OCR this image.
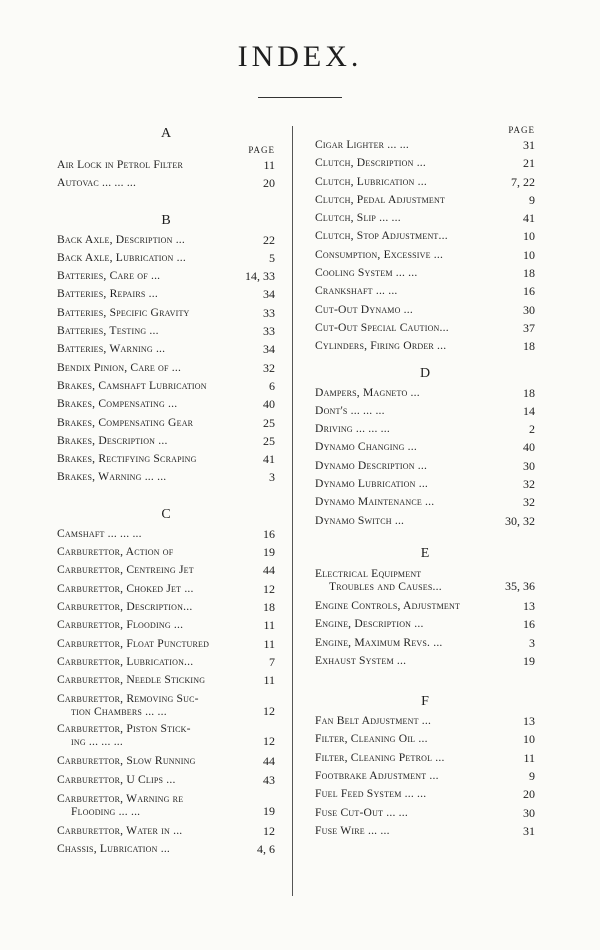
INDEX.
A
PAGE
Air Lock in Petrol Filter	11
Autovac ... ... ...	20
B
Back Axle, Description ...	22
Back Axle, Lubrication ...	5
Batteries, Care of ...	14, 33
Batteries, Repairs ...	34
Batteries, Specific Gravity	33
Batteries, Testing ...	33
Batteries, Warning ...	34
Bendix Pinion, Care of ...	32
Brakes, Camshaft Lubrication	6
Brakes, Compensating ...	40
Brakes, Compensating Gear	25
Brakes, Description ...	25
Brakes, Rectifying Scraping	41
Brakes, Warning ... ...	3
C
Camshaft ... ... ...	16
Carburettor, Action of	19
Carburettor, Centreing Jet	44
Carburettor, Choked Jet ...	12
Carburettor, Description...	18
Carburettor, Flooding ...	11
Carburettor, Float Punctured	11
Carburettor, Lubrication...	7
Carburettor, Needle Sticking	11
Carburettor, Removing Suc-
tion Chambers ... ...	12
Carburettor, Piston Stick-
ing ... ... ...	12
Carburettor, Slow Running	44
Carburettor, U Clips ...	43
Carburettor, Warning re
Flooding ... ...	19
Carburettor, Water in ...	12
Chassis, Lubrication ...	4, 6
PAGE
Cigar Lighter ... ...	31
Clutch, Description ...	21
Clutch, Lubrication ...	7, 22
Clutch, Pedal Adjustment	9
Clutch, Slip ... ...	41
Clutch, Stop Adjustment...	10
Consumption, Excessive ...	10
Cooling System ... ...	18
Crankshaft ... ...	16
Cut-Out Dynamo ...	30
Cut-Out Special Caution...	37
Cylinders, Firing Order ...	18
D
Dampers, Magneto ...	18
Dont's ... ... ...	14
Driving ... ... ...	2
Dynamo Changing ...	40
Dynamo Description ...	30
Dynamo Lubrication ...	32
Dynamo Maintenance ...	32
Dynamo Switch ...	30, 32
E
Electrical Equipment
Troubles and Causes...	35, 36
Engine Controls, Adjustment	13
Engine, Description ...	16
Engine, Maximum Revs. ...	3
Exhaust System ...	19
F
Fan Belt Adjustment ...	13
Filter, Cleaning Oil ...	10
Filter, Cleaning Petrol ...	11
Footbrake Adjustment ...	9
Fuel Feed System ... ...	20
Fuse Cut-Out ... ...	30
Fuse Wire ... ...	31
